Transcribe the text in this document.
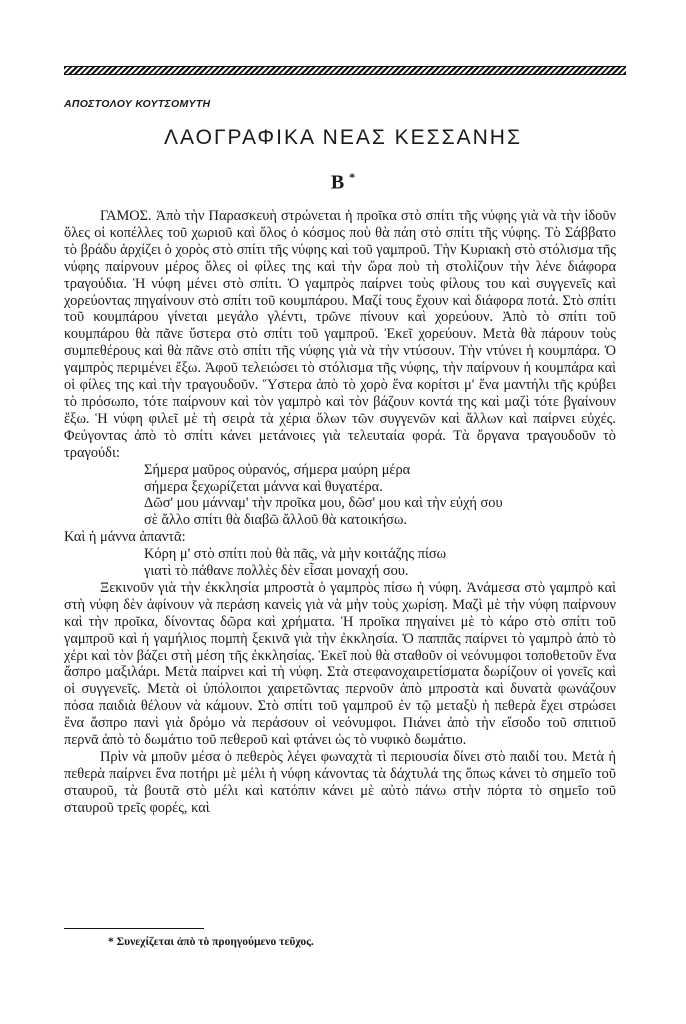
ΑΠΟΣΤΟΛΟΥ ΚΟΥΤΣΟΜΥΤΗ
ΛΑΟΓΡΑΦΙΚΑ ΝΕΑΣ ΚΕΣΣΑΝΗΣ
Β *

ΓΑΜΟΣ. Ἀπὸ τὴν Παρασκευὴ στρώνεται ἡ προῖκα στὸ σπίτι τῆς νύφης γιὰ νὰ τὴν ἰδοῦν ὅλες οἱ κοπέλλες τοῦ χωριοῦ καὶ ὅλος ὁ κόσμος ποὺ θὰ πάη στὸ σπίτι τῆς νύφης. Τὸ Σάββατο τὸ βράδυ ἀρχίζει ὁ χορὸς στὸ σπίτι τῆς νύφης καὶ τοῦ γαμπροῦ. Τὴν Κυριακὴ στὸ στόλισμα τῆς νύφης παίρνουν μέρος ὅλες οἱ φίλες της καὶ τὴν ὥρα ποὺ τὴ στολίζουν τὴν λένε διάφορα τραγούδια. Ἡ νύφη μένει στὸ σπίτι. Ὁ γαμπρὸς παίρνει τοὺς φίλους του καὶ συγγενεῖς καὶ χορεύοντας πηγαίνουν στὸ σπίτι τοῦ κουμπάρου. Μαζί τους ἔχουν καὶ διάφορα ποτά. Στὸ σπίτι τοῦ κουμπάρου γίνεται μεγάλο γλέντι, τρῶνε πίνουν καὶ χορεύουν. Ἀπὸ τὸ σπίτι τοῦ κουμπάρου θὰ πᾶνε ὕστερα στὸ σπίτι τοῦ γαμπροῦ. Ἐκεῖ χορεύουν. Μετὰ θὰ πάρουν τοὺς συμπεθέρους καὶ θὰ πᾶνε στὸ σπίτι τῆς νύφης γιὰ νὰ τὴν ντύσουν. Τὴν ντύνει ἡ κουμπάρα. Ὁ γαμπρὸς περιμένει ἔξω. Ἀφοῦ τελειώσει τὸ στόλισμα τῆς νύφης, τὴν παίρνουν ἡ κουμπάρα καὶ οἱ φίλες της καὶ τὴν τραγουδοῦν. Ὕστερα ἀπὸ τὸ χορὸ ἕνα κορίτσι μ' ἕνα μαντήλι τῆς κρύβει τὸ πρόσωπο, τότε παίρνουν καὶ τὸν γαμπρὸ καὶ τὸν βάζουν κοντά της καὶ μαζὶ τότε βγαίνουν ἔξω. Ἡ νύφη φιλεῖ μὲ τὴ σειρὰ τὰ χέρια ὅλων τῶν συγγενῶν καὶ ἄλλων καὶ παίρνει εὐχές. Φεύγοντας ἀπὸ τὸ σπίτι κάνει μετάνοιες γιὰ τελευταία φορά. Τὰ ὄργανα τραγουδοῦν τὸ τραγούδι:

Σήμερα μαῦρος οὐρανός, σήμερα μαύρη μέρα
σήμερα ξεχωρίζεται μάννα καὶ θυγατέρα.
Δῶσ' μου μάνναμ' τὴν προῖκα μου, δῶσ' μου καὶ τὴν εὐχή σου
σὲ ἄλλο σπίτι θὰ διαβῶ ἄλλοῦ θὰ κατοικήσω.

Καὶ ἡ μάννα ἀπαντᾶ:

Κόρη μ' στὸ σπίτι ποὺ θὰ πᾶς, νὰ μὴν κοιτάζης πίσω
γιατὶ τὸ πάθανε πολλὲς δὲν εἶσαι μοναχή σου.

Ξεκινοῦν γιὰ τὴν ἐκκλησία μπροστὰ ὁ γαμπρὸς πίσω ἡ νύφη. Ἀνάμεσα στὸ γαμπρὸ καὶ στὴ νύφη δὲν ἀφίνουν νὰ περάση κανεὶς γιὰ νὰ μὴν τοὺς χωρίση. Μαζὶ μὲ τὴν νύφη παίρνουν καὶ τὴν προῖκα, δίνοντας δῶρα καὶ χρήματα. Ἡ προῖκα πηγαίνει μὲ τὸ κάρο στὸ σπίτι τοῦ γαμπροῦ καὶ ἡ γαμήλιος πομπὴ ξεκινᾶ γιὰ τὴν ἐκκλησία. Ὁ παππᾶς παίρνει τὸ γαμπρὸ ἀπὸ τὸ χέρι καὶ τὸν βάζει στὴ μέση τῆς ἐκκλησίας. Ἐκεῖ ποὺ θὰ σταθοῦν οἱ νεόνυμφοι τοποθετοῦν ἕνα ἄσπρο μαξιλάρι. Μετὰ παίρνει καὶ τὴ νύφη. Στὰ στεφανοχαιρετίσματα δωρίζουν οἱ γονεῖς καὶ οἱ συγγενεῖς. Μετὰ οἱ ὑπόλοιποι χαιρετῶντας περνοῦν ἀπὸ μπροστὰ καὶ δυνατὰ φωνάζουν πόσα παιδιὰ θέλουν νὰ κάμουν. Στὸ σπίτι τοῦ γαμπροῦ ἐν τῷ μεταξὺ ἡ πεθερὰ ἔχει στρώσει ἕνα ἄσπρο πανὶ γιὰ δρόμο νὰ περάσουν οἱ νεόνυμφοι. Πιάνει ἀπὸ τὴν εἴσοδο τοῦ σπιτιοῦ περνᾶ ἀπὸ τὸ δωμάτιο τοῦ πεθεροῦ καὶ φτάνει ὡς τὸ νυφικὸ δωμάτιο.

Πρὶν νὰ μποῦν μέσα ὁ πεθερὸς λέγει φωναχτὰ τὶ περιουσία δίνει στὸ παιδί του. Μετὰ ἡ πεθερὰ παίρνει ἕνα ποτήρι μὲ μέλι ἡ νύφη κάνοντας τὰ δάχτυλά της ὅπως κάνει τὸ σημεῖο τοῦ σταυροῦ, τὰ βουτᾶ στὸ μέλι καὶ κατόπιν κάνει μὲ αὐτὸ πάνω στὴν πόρτα τὸ σημεῖο τοῦ σταυροῦ τρεῖς φορές, καὶ

* Συνεχίζεται ἀπὸ τὸ προηγούμενο τεῦχος.
